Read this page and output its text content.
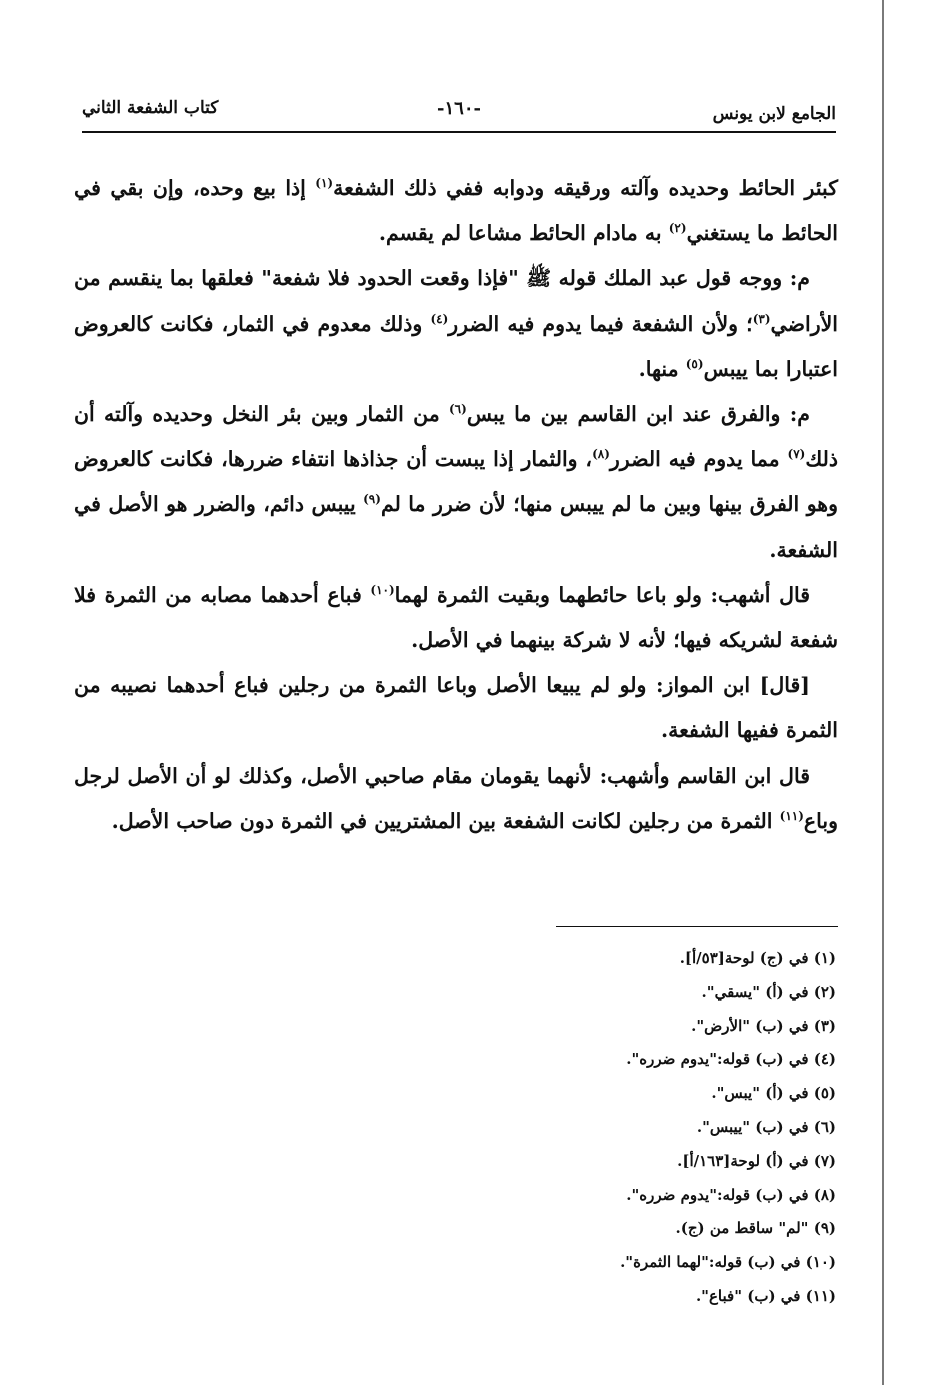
الجامع لابن يونس
-١٦٠-
كتاب الشفعة الثاني

كبئر الحائط وحديده وآلته ورقيقه ودوابه ففي ذلك الشفعة$^{(١)}$ إذا بيع وحده، وإن بقي في الحائط ما يستغني$^{(٢)}$ به مادام الحائط مشاعا لم يقسم.

م: ووجه قول عبد الملك قوله ﷺ "فإذا وقعت الحدود فلا شفعة" فعلقها بما ينقسم من الأراضي$^{(٣)}$؛ ولأن الشفعة فيما يدوم فيه الضرر$^{(٤)}$ وذلك معدوم في الثمار، فكانت كالعروض اعتبارا بما ييبس$^{(٥)}$ منها.

م: والفرق عند ابن القاسم بين ما يبس$^{(٦)}$ من الثمار وبين بئر النخل وحديده وآلته أن ذلك$^{(٧)}$ مما يدوم فيه الضرر$^{(٨)}$، والثمار إذا يبست أن جذاذها انتفاء ضررها، فكانت كالعروض وهو الفرق بينها وبين ما لم ييبس منها؛ لأن ضرر ما لم$^{(٩)}$ ييبس دائم، والضرر هو الأصل في الشفعة.

قال أشهب: ولو باعا حائطهما وبقيت الثمرة لهما$^{(١٠)}$ فباع أحدهما مصابه من الثمرة فلا شفعة لشريكه فيها؛ لأنه لا شركة بينهما في الأصل.

[قال] ابن المواز: ولو لم يبيعا الأصل وباعا الثمرة من رجلين فباع أحدهما نصيبه من الثمرة ففيها الشفعة.

قال ابن القاسم وأشهب: لأنهما يقومان مقام صاحبي الأصل، وكذلك لو أن الأصل لرجل وباع$^{(١١)}$ الثمرة من رجلين لكانت الشفعة بين المشتريين في الثمرة دون صاحب الأصل.

(١) في (ج) لوحة[٥٣/أ].
(٢) في (أ) "يسقي".
(٣) في (ب) "الأرض".
(٤) في (ب) قوله:"يدوم ضرره".
(٥) في (أ) "يبس".
(٦) في (ب) "ييبس".
(٧) في (أ) لوحة[١٦٣/أ].
(٨) في (ب) قوله:"يدوم ضرره".
(٩) "لم" ساقط من (ج).
(١٠) في (ب) قوله:"لهما الثمرة".
(١١) في (ب) "فباع".
